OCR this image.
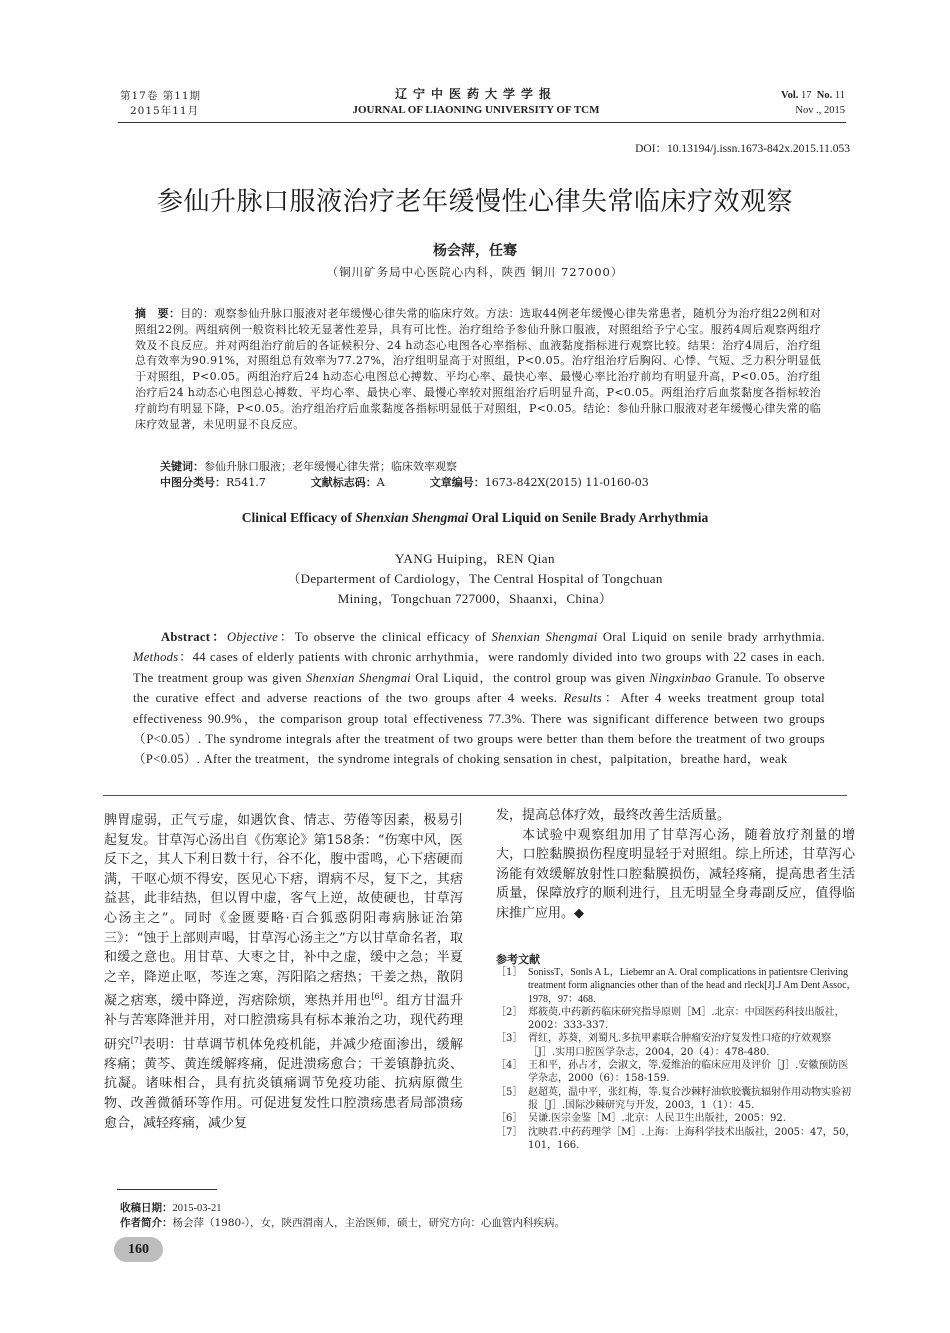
第17卷 第11期
2015年11月
辽宁中医药大学学报
JOURNAL OF LIAONING UNIVERSITY OF TCM
Vol. 17 No. 11
Nov ., 2015
DOI：10.13194/j.issn.1673-842x.2015.11.053
参仙升脉口服液治疗老年缓慢性心律失常临床疗效观察
杨会萍，任骞
（铜川矿务局中心医院心内科，陕西 铜川 727000）
摘　要：目的：观察参仙升脉口服液对老年缓慢心律失常的临床疗效。方法：选取44例老年缓慢心律失常患者，随机分为治疗组22例和对照组22例。两组病例一般资料比较无显著性差异，具有可比性。治疗组给予参仙升脉口服液，对照组给予宁心宝。服药4周后观察两组疗效及不良反应。并对两组治疗前后的各证候积分、24 h动态心电图各心率指标、血液黏度指标进行观察比较。结果：治疗4周后，治疗组总有效率为90.91%，对照组总有效率为77.27%，治疗组明显高于对照组，P<0.05。治疗组治疗后胸闷、心悸、气短、乏力积分明显低于对照组，P<0.05。两组治疗后24 h动态心电图总心搏数、平均心率、最快心率、最慢心率比治疗前均有明显升高，P<0.05。治疗组治疗后24 h动态心电图总心搏数、平均心率、最快心率、最慢心率较对照组治疗后明显升高，P<0.05。两组治疗后血浆黏度各指标较治疗前均有明显下降，P<0.05。治疗组治疗后血浆黏度各指标明显低于对照组，P<0.05。结论：参仙升脉口服液对老年缓慢心律失常的临床疗效显著，未见明显不良反应。
关键词：参仙升脉口服液；老年缓慢心律失常；临床效率观察
中图分类号：R541.7	文献标志码：A	文章编号：1673-842X(2015) 11-0160-03
Clinical Efficacy of Shenxian Shengmai Oral Liquid on Senile Brady Arrhythmia
YANG Huiping，REN Qian
（Departerment of Cardiology，The Central Hospital of Tongchuan
Mining，Tongchuan 727000，Shaanxi，China）
Abstract：Objective：To observe the clinical efficacy of Shenxian Shengmai Oral Liquid on senile brady arrhythmia. Methods：44 cases of elderly patients with chronic arrhythmia，were randomly divided into two groups with 22 cases in each. The treatment group was given Shenxian Shengmai Oral Liquid，the control group was given Ningxinbao Granule. To observe the curative effect and adverse reactions of the two groups after 4 weeks. Results：After 4 weeks treatment group total effectiveness 90.9%，the comparison group total effectiveness 77.3%. There was significant difference between two groups（P<0.05）. The syndrome integrals after the treatment of two groups were better than them before the treatment of two groups（P<0.05）. After the treatment，the syndrome integrals of choking sensation in chest，palpitation，breathe hard，weak

脾胃虚弱，正气亏虚，如遇饮食、情志、劳倦等因素，极易引起复发。甘草泻心汤出自《伤寒论》第158条：“伤寒中风，医反下之，其人下利日数十行，谷不化，腹中雷鸣，心下痞硬而满，干呕心烦不得安，医见心下痞，谓病不尽，复下之，其痞益甚，此非结热，但以胃中虚，客气上逆，故使硬也，甘草泻心汤主之”。同时《金匮要略·百合狐惑阴阳毒病脉证治第三》：“蚀于上部则声喝，甘草泻心汤主之”方以甘草命名者，取和缓之意也。用甘草、大枣之甘，补中之虚，缓中之急；半夏之辛，降逆止呕，芩连之寒，泻阳陷之痞热；干姜之热，散阴凝之痞寒，缓中降逆，泻痞除烦，寒热并用也[6]。组方甘温升补与苦寒降泄并用，对口腔溃疡具有标本兼治之功，现代药理研究[7]表明：甘草调节机体免疫机能，并减少疮面渗出，缓解疼痛；黄芩、黄连缓解疼痛，促进溃疡愈合；干姜镇静抗炎、抗凝。诸味相合，具有抗炎镇痛调节免疫功能、抗病原微生物、改善微循环等作用。可促进复发性口腔溃疡患者局部溃疡愈合，减轻疼痛，减少复

发，提高总体疗效，最终改善生活质量。

本试验中观察组加用了甘草泻心汤，随着放疗剂量的增大，口腔黏膜损伤程度明显轻于对照组。综上所述，甘草泻心汤能有效缓解放射性口腔黏膜损伤，减轻疼痛，提高患者生活质量，保障放疗的顺利进行，且无明显全身毒副反应，值得临床推广应用。◆

参考文献
［1］ SonissT，Sonls A L，Liebemr an A. Oral complications in patientsre Cleriving treatment form alignancies other than of the head and rleck[J].J Am Dent Assoc，1978，97：468.
［2］ 郑筱萸.中药新药临床研究指导原则［M］.北京：中国医药科技出版社，2002：333-337.
［3］ 胥红，苏葵，刘蜀凡.多抗甲素联合肿瘤安治疗复发性口疮的疗效观察［J］.实用口腔医学杂志，2004，20（4）：478-480.
［4］ 王和平，孙占才，会淑文，等.爱维治的临床应用及评价［J］.安徽预防医学杂志，2000（6）：158-159.
［5］ 赵超英，温中平，张红梅，等.复合沙棘籽油软胶囊抗辐射作用动物实验初报［J］.国际沙棘研究与开发，2003，1（1）：45.
［6］ 吴谦.医宗金鉴［M］.北京：人民卫生出版社，2005：92.
［7］ 沈映君.中药药理学［M］.上海：上海科学技术出版社，2005：47，50，101，166.
收稿日期：2015-03-21
作者简介：杨会萍（1980-），女，陕西渭南人，主治医师，硕士，研究方向：心血管内科疾病。
160
